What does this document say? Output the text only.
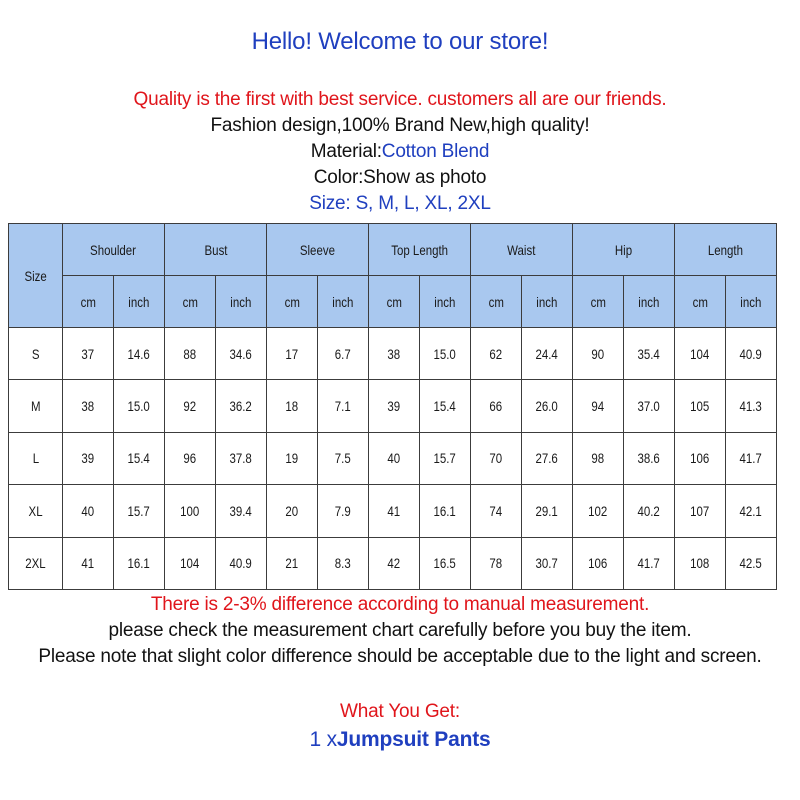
Hello! Welcome to our store!
Quality is the first with best service. customers all are our friends.
Fashion design,100% Brand New,high quality!
Material:Cotton Blend
Color:Show as photo
Size: S, M, L, XL, 2XL
Size	Shoulder		Bust		Sleeve		Top Length		Waist		Hip		Length	
	cm	inch	cm	inch	cm	inch	cm	inch	cm	inch	cm	inch	cm	inch
S	37	14.6	88	34.6	17	6.7	38	15.0	62	24.4	90	35.4	104	40.9
M	38	15.0	92	36.2	18	7.1	39	15.4	66	26.0	94	37.0	105	41.3
L	39	15.4	96	37.8	19	7.5	40	15.7	70	27.6	98	38.6	106	41.7
XL	40	15.7	100	39.4	20	7.9	41	16.1	74	29.1	102	40.2	107	42.1
2XL	41	16.1	104	40.9	21	8.3	42	16.5	78	30.7	106	41.7	108	42.5
There is 2-3% difference according to manual measurement.
please check the measurement chart carefully before you buy the item.
Please note that slight color difference should be acceptable due to the light and screen.
What You Get:
1 xJumpsuit Pants
